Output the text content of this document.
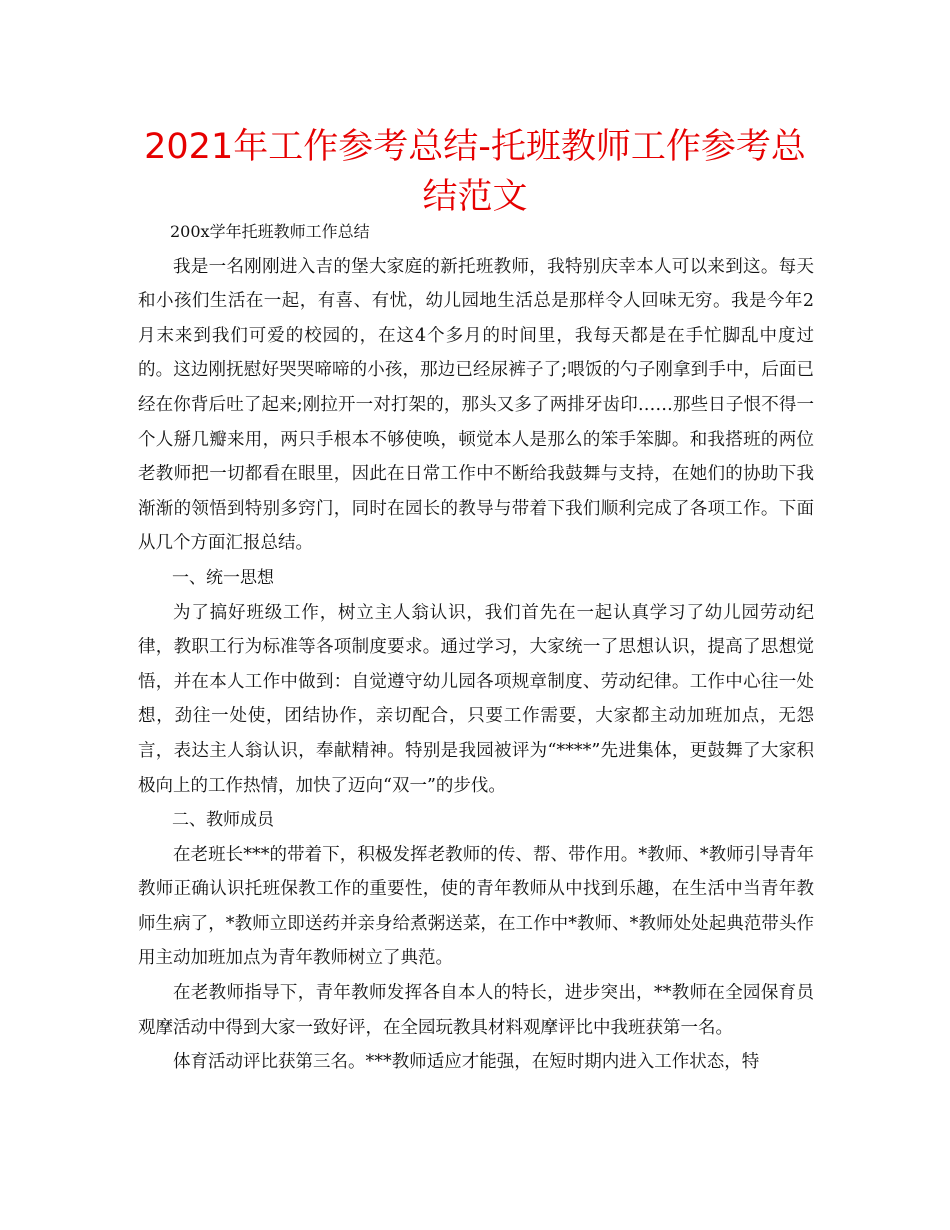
2021年工作参考总结-托班教师工作参考总结范文

200x学年托班教师工作总结

我是一名刚刚进入吉的堡大家庭的新托班教师，我特别庆幸本人可以来到这。每天和小孩们生活在一起，有喜、有忧，幼儿园地生活总是那样令人回味无穷。我是今年2月末来到我们可爱的校园的，在这4个多月的时间里，我每天都是在手忙脚乱中度过的。这边刚抚慰好哭哭啼啼的小孩，那边已经尿裤子了;喂饭的勺子刚拿到手中，后面已经在你背后吐了起来;刚拉开一对打架的，那头又多了两排牙齿印……那些日子恨不得一个人掰几瓣来用，两只手根本不够使唤，顿觉本人是那么的笨手笨脚。和我搭班的两位老教师把一切都看在眼里，因此在日常工作中不断给我鼓舞与支持，在她们的协助下我渐渐的领悟到特别多窍门，同时在园长的教导与带着下我们顺利完成了各项工作。下面从几个方面汇报总结。

一、统一思想

为了搞好班级工作，树立主人翁认识，我们首先在一起认真学习了幼儿园劳动纪律，教职工行为标准等各项制度要求。通过学习，大家统一了思想认识，提高了思想觉悟，并在本人工作中做到：自觉遵守幼儿园各项规章制度、劳动纪律。工作中心往一处想，劲往一处使，团结协作，亲切配合，只要工作需要，大家都主动加班加点，无怨言，表达主人翁认识，奉献精神。特别是我园被评为“****”先进集体，更鼓舞了大家积极向上的工作热情，加快了迈向“双一”的步伐。

二、教师成员

在老班长***的带着下，积极发挥老教师的传、帮、带作用。*教师、*教师引导青年教师正确认识托班保教工作的重要性，使的青年教师从中找到乐趣，在生活中当青年教师生病了，*教师立即送药并亲身给煮粥送菜，在工作中*教师、*教师处处起典范带头作用主动加班加点为青年教师树立了典范。

在老教师指导下，青年教师发挥各自本人的特长，进步突出，**教师在全园保育员观摩活动中得到大家一致好评，在全园玩教具材料观摩评比中我班获第一名。

体育活动评比获第三名。***教师适应才能强，在短时期内进入工作状态，特
